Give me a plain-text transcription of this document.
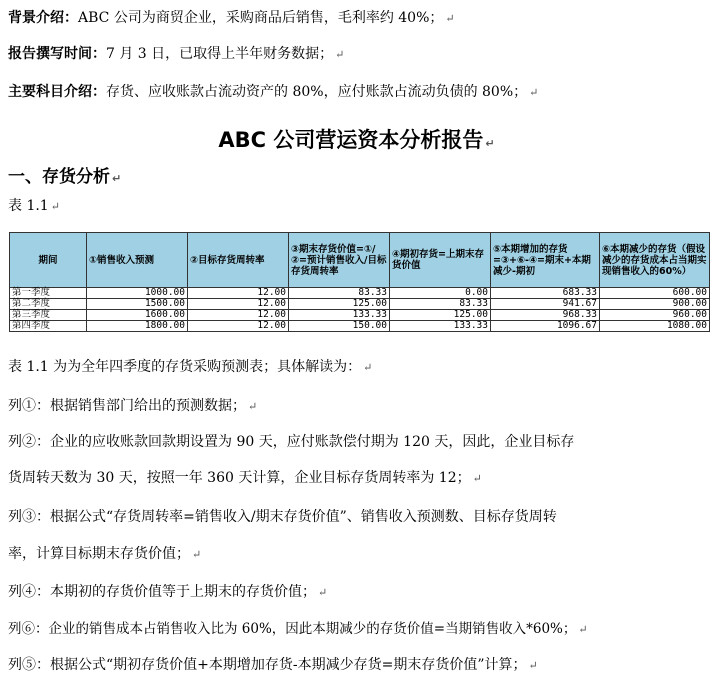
背景介绍：ABC 公司为商贸企业，采购商品后销售，毛利率约 40%； ↵
报告撰写时间：7 月 3 日，已取得上半年财务数据； ↵
主要科目介绍：存货、应收账款占流动资产的 80%，应付账款占流动负债的 80%； ↵
ABC 公司营运资本分析报告 ↵
一、存货分析 ↵
表 1.1 ↵
期间	①销售收入预测	②目标存货周转率	③期末存货价值=①/②=预计销售收入/目标存货周转率	④期初存货=上期末存货价值	⑤本期增加的存货=③+⑥-④=期末+本期减少-期初	⑥本期减少的存货（假设减少的存货成本占当期实现销售收入的60%）
第一季度	1000.00	12.00	83.33	0.00	683.33	600.00
第二季度	1500.00	12.00	125.00	83.33	941.67	900.00
第三季度	1600.00	12.00	133.33	125.00	968.33	960.00
第四季度	1800.00	12.00	150.00	133.33	1096.67	1080.00
表 1.1 为为全年四季度的存货采购预测表；具体解读为： ↵
列①：根据销售部门给出的预测数据； ↵
列②：企业的应收账款回款期设置为 90 天，应付账款偿付期为 120 天，因此，企业目标存
货周转天数为 30 天，按照一年 360 天计算，企业目标存货周转率为 12； ↵
列③：根据公式“存货周转率=销售收入/期末存货价值”、销售收入预测数、目标存货周转
率，计算目标期末存货价值； ↵
列④：本期初的存货价值等于上期末的存货价值； ↵
列⑥：企业的销售成本占销售收入比为 60%，因此本期减少的存货价值=当期销售收入*60%； ↵
列⑤：根据公式“期初存货价值+本期增加存货-本期减少存货=期末存货价值”计算； ↵
